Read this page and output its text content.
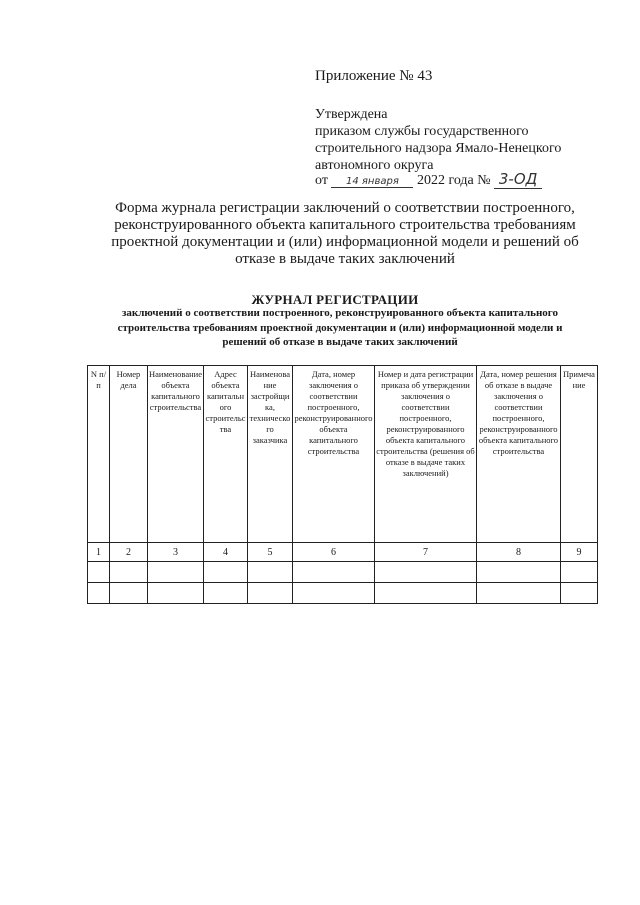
Приложение № 43
Утверждена
приказом службы государственного
строительного надзора Ямало-Ненецкого
автономного округа
от 14 января 2022 года № 3-ОД
Форма журнала регистрации заключений о соответствии построенного, реконструированного объекта капитального строительства требованиям проектной документации и (или) информационной модели и решений об отказе в выдаче таких заключений
ЖУРНАЛ РЕГИСТРАЦИИ
заключений о соответствии построенного, реконструированного объекта капитального строительства требованиям проектной документации и (или) информационной модели и решений об отказе в выдаче таких заключений
N п/п	Номер дела	Наименование объекта капитального строительства	Адрес объекта капитального строительства	Наименование застройщика, технического заказчика	Дата, номер заключения о соответствии построенного, реконструированного объекта капитального строительства	Номер и дата регистрации приказа об утверждении заключения о соответствии построенного, реконструированного объекта капитального строительства (решения об отказе в выдаче таких заключений)	Дата, номер решения об отказе в выдаче заключения о соответствии построенного, реконструированного объекта капитального строительства	Примечание
1	2	3	4	5	6	7	8	9
